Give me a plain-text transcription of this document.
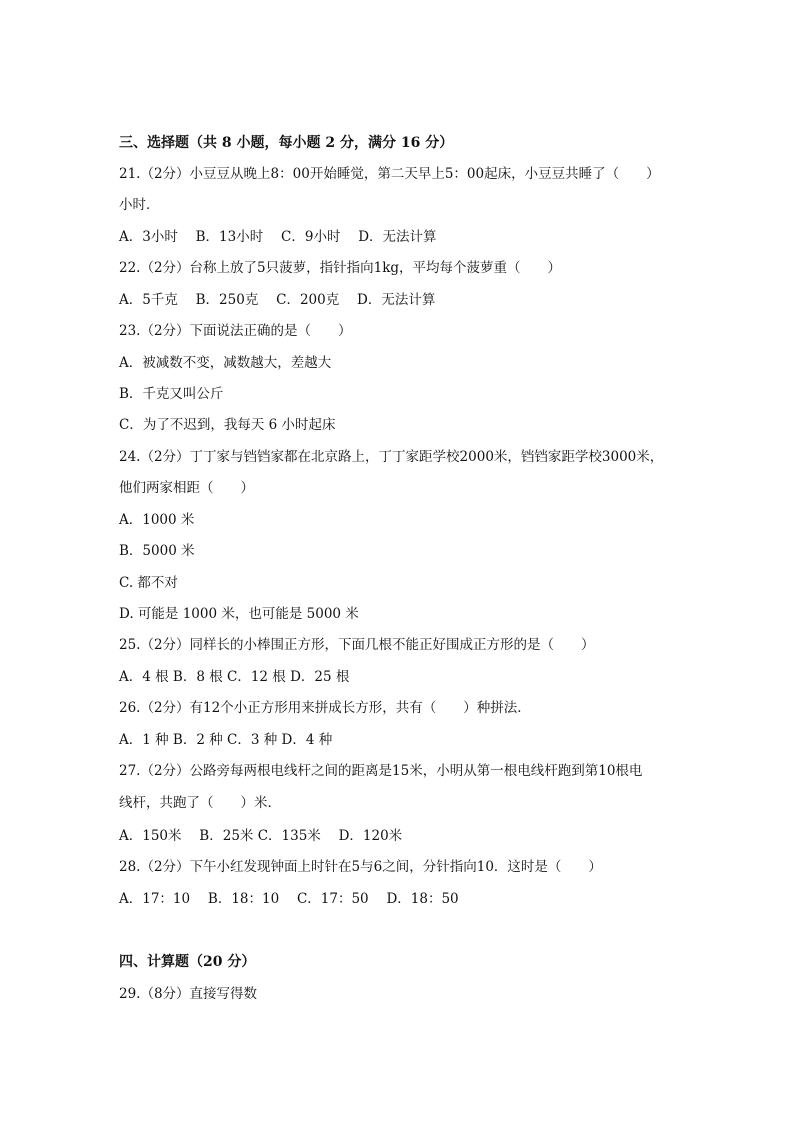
三、选择题（共 8 小题，每小题 2 分，满分 16 分）
21.（2分）小豆豆从晚上8：00开始睡觉，第二天早上5：00起床，小豆豆共睡了（　　）
小时．
A．3小时　 B．13小时　 C．9小时　 D．无法计算
22.（2分）台称上放了5只菠萝，指针指向1kg，平均每个菠萝重（　　）
A．5千克　 B．250克　 C．200克　 D．无法计算
23.（2分）下面说法正确的是（　　）
A．被减数不变，减数越大，差越大
B．千克又叫公斤
C．为了不迟到，我每天 6 小时起床
24.（2分）丁丁家与铛铛家都在北京路上，丁丁家距学校2000米，铛铛家距学校3000米，
他们两家相距（　　）
A．1000 米
B．5000 米
C. 都不对
D. 可能是 1000 米，也可能是 5000 米
25.（2分）同样长的小棒围正方形，下面几根不能正好围成正方形的是（　　）
A．4 根 B．8 根 C．12 根 D．25 根
26.（2分）有12个小正方形用来拼成长方形，共有（　　）种拼法．
A．1 种 B．2 种 C．3 种 D．4 种
27.（2分）公路旁每两根电线杆之间的距离是15米，小明从第一根电线杆跑到第10根电
线杆，共跑了（　　）米．
A．150米　 B．25米 C．135米　 D．120米
28.（2分）下午小红发现钟面上时针在5与6之间，分针指向10．这时是（　　）
A．17：10　 B．18：10　 C．17：50　 D．18：50
四、计算题（20 分）
29.（8分）直接写得数
